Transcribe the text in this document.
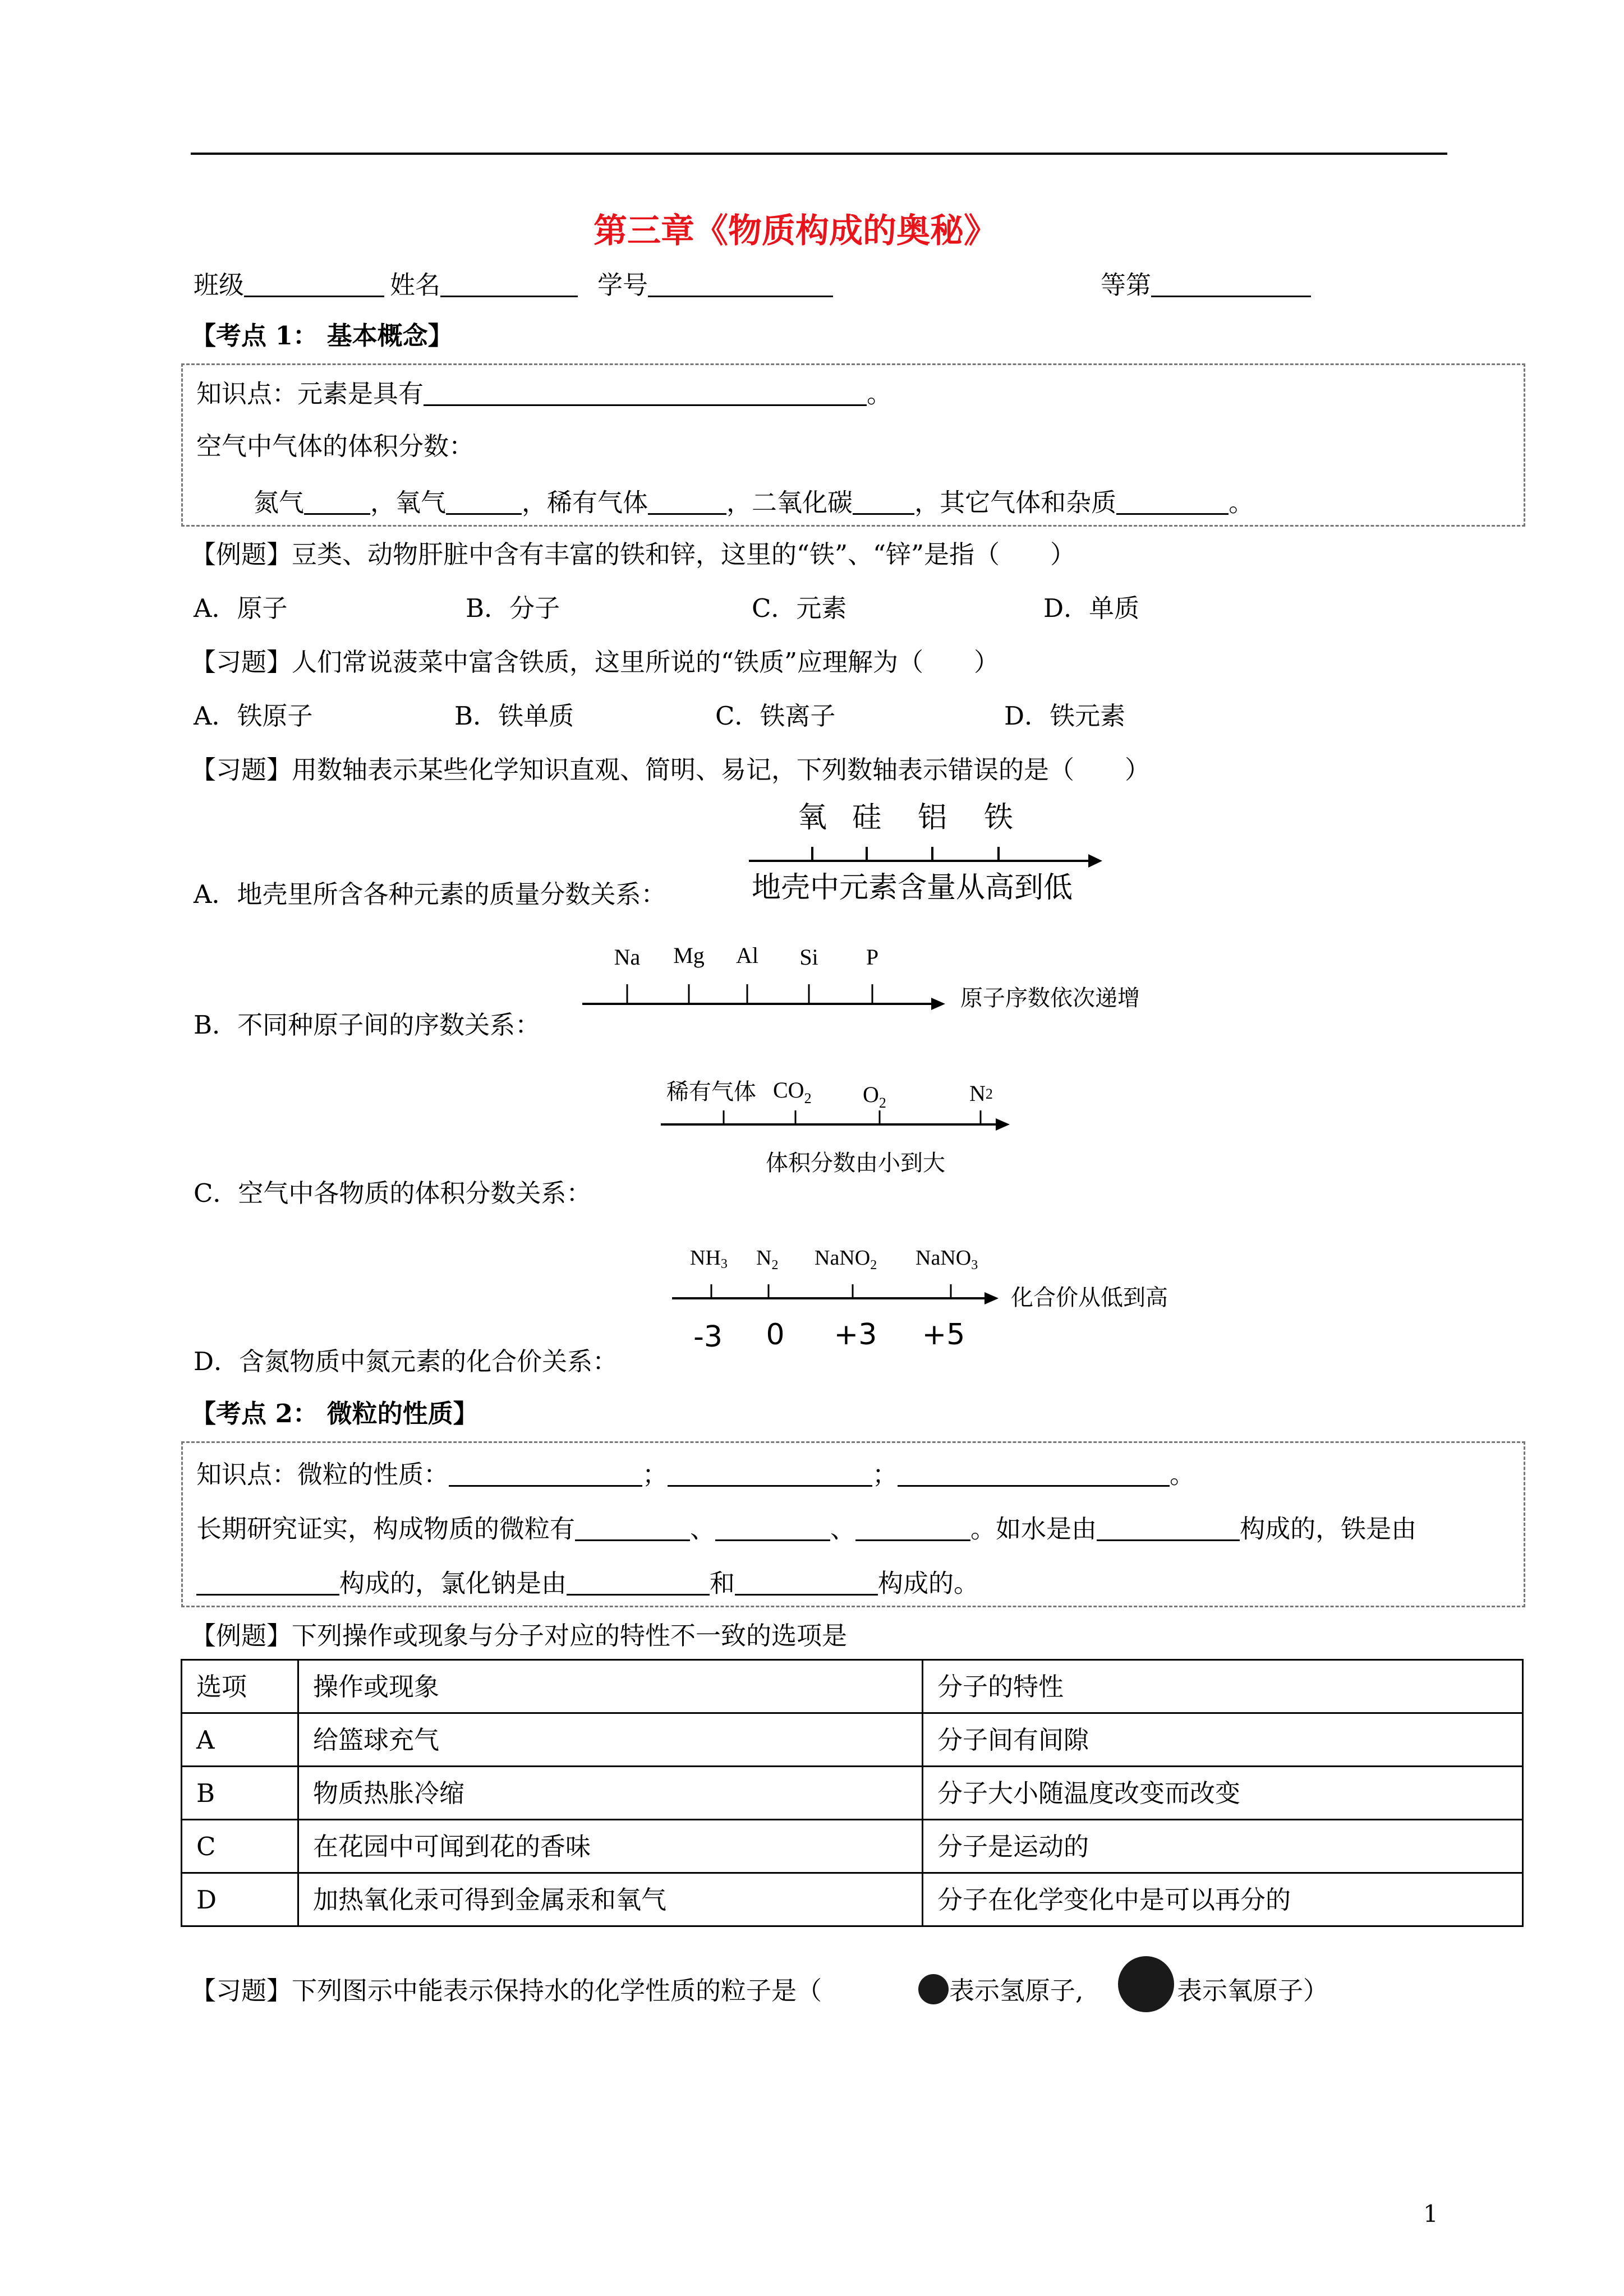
第三章《物质构成的奥秘》
班级	姓名	学号	等第
【考点 1： 基本概念】
知识点：元素是具有	。
空气中气体的体积分数：
氮气	，氧气	，稀有气体	，二氧化碳 ，其它气体和杂质	。
【例题】豆类、动物肝脏中含有丰富的铁和锌，这里的“铁”、“锌”是指（　　）
A．原子	B．分子	C．元素	D．单质
【习题】人们常说菠菜中富含铁质，这里所说的“铁质”应理解为（　　）
A．铁原子	B．铁单质	C．铁离子	D．铁元素
【习题】用数轴表示某些化学知识直观、简明、易记，下列数轴表示错误的是（　　）
氧 硅 铝 铁
地壳中元素含量从高到低
A．地壳里所含各种元素的质量分数关系：
Na Mg Al Si P
原子序数依次递增
B．不同种原子间的序数关系：
稀有气体 $CO_2$ $O_2$	N2
体积分数由小到大
C．空气中各物质的体积分数关系：
NH3 $N_2$ NaNO$_2$ NaNO$_3$
化合价从低到高
-3 0 +3 +5
D．含氮物质中氮元素的化合价关系：
【考点 2： 微粒的性质】
知识点：微粒的性质：	；	；	。
长期研究证实，构成物质的微粒有	、	、	。如水是由	构成的，铁是由
构成的，氯化钠是由	和	构成的。
【例题】下列操作或现象与分子对应的特性不一致的选项是
选项	操作或现象	分子的特性
A	给篮球充气	分子间有间隙
B	物质热胀冷缩	分子大小随温度改变而改变
C	在花园中可闻到花的香味	分子是运动的
D	加热氧化汞可得到金属汞和氧气	分子在化学变化中是可以再分的
【习题】下列图示中能表示保持水的化学性质的粒子是（	表示氢原子,	表示氧原子）
1
